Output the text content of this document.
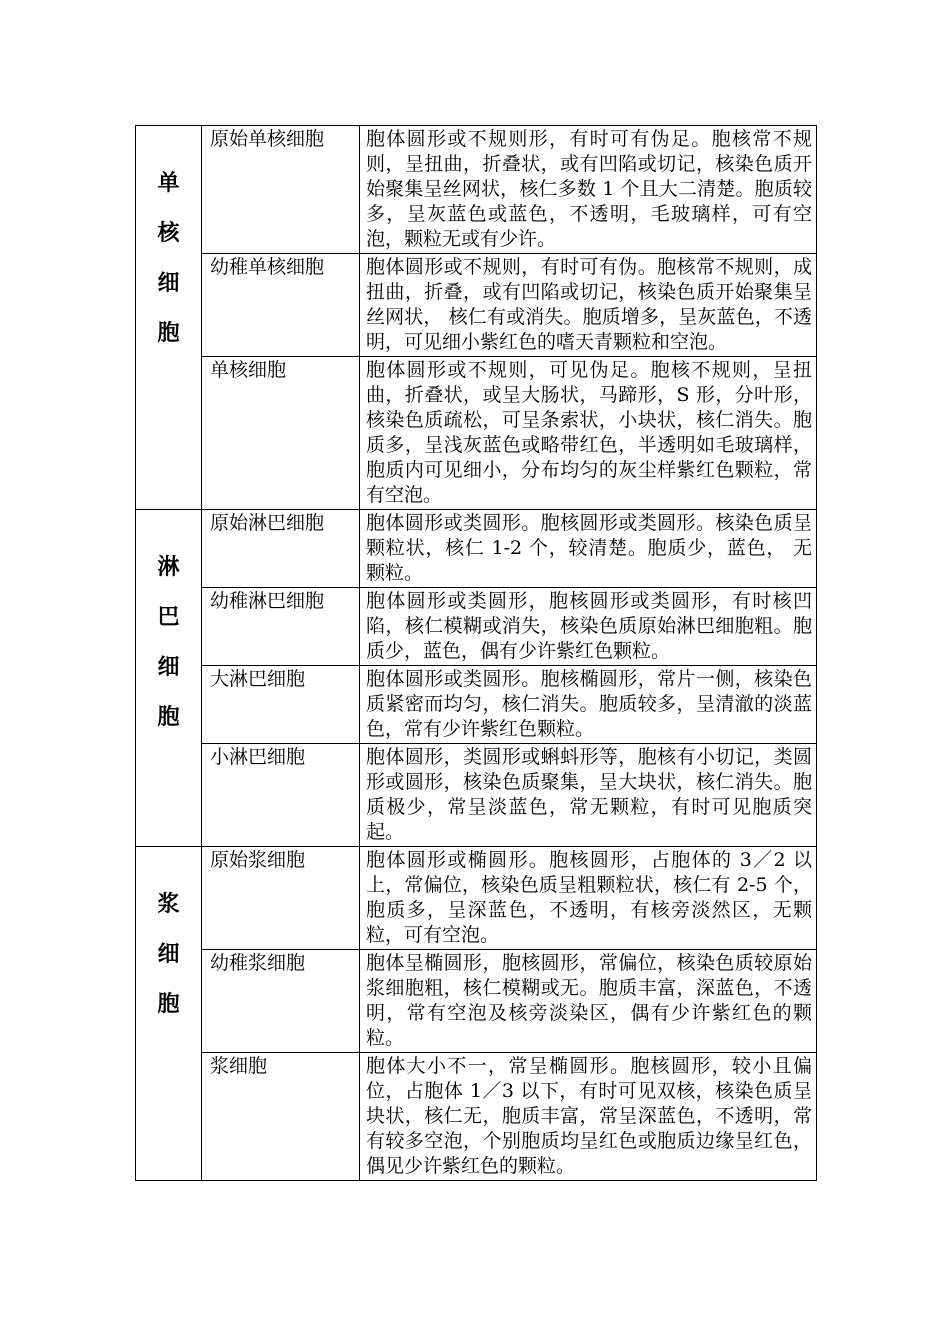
单
核
细
胞	原始单核细胞	胞体圆形或不规则形，有时可有伪足。胞核常不规则，呈扭曲，折叠状，或有凹陷或切记，核染色质开始聚集呈丝网状，核仁多数 1 个且大二清楚。胞质较多，呈灰蓝色或蓝色，不透明，毛玻璃样，可有空泡，颗粒无或有少许。
	幼稚单核细胞	胞体圆形或不规则，有时可有伪。胞核常不规则，成扭曲，折叠，或有凹陷或切记，核染色质开始聚集呈丝网状， 核仁有或消失。胞质增多，呈灰蓝色，不透明，可见细小紫红色的嗜天青颗粒和空泡。
	单核细胞	胞体圆形或不规则，可见伪足。胞核不规则，呈扭曲，折叠状，或呈大肠状，马蹄形，S 形，分叶形，核染色质疏松，可呈条索状，小块状，核仁消失。胞质多，呈浅灰蓝色或略带红色，半透明如毛玻璃样，胞质内可见细小，分布均匀的灰尘样紫红色颗粒，常有空泡。

淋
巴
细
胞	原始淋巴细胞	胞体圆形或类圆形。胞核圆形或类圆形。核染色质呈颗粒状，核仁 1-2 个，较清楚。胞质少，蓝色， 无颗粒。
	幼稚淋巴细胞	胞体圆形或类圆形，胞核圆形或类圆形，有时核凹陷，核仁模糊或消失，核染色质原始淋巴细胞粗。胞质少，蓝色，偶有少许紫红色颗粒。
	大淋巴细胞	胞体圆形或类圆形。胞核椭圆形，常片一侧，核染色质紧密而均匀，核仁消失。胞质较多，呈清澈的淡蓝色，常有少许紫红色颗粒。
	小淋巴细胞	胞体圆形，类圆形或蝌蚪形等，胞核有小切记，类圆形或圆形，核染色质聚集，呈大块状，核仁消失。胞质极少，常呈淡蓝色，常无颗粒，有时可见胞质突起。

浆
细
胞	原始浆细胞	胞体圆形或椭圆形。胞核圆形，占胞体的 3／2 以上，常偏位，核染色质呈粗颗粒状，核仁有 2-5 个，胞质多，呈深蓝色，不透明，有核旁淡然区，无颗粒，可有空泡。
	幼稚浆细胞	胞体呈椭圆形，胞核圆形，常偏位，核染色质较原始浆细胞粗，核仁模糊或无。胞质丰富，深蓝色，不透明，常有空泡及核旁淡染区，偶有少许紫红色的颗粒。
	浆细胞	胞体大小不一，常呈椭圆形。胞核圆形，较小且偏位，占胞体 1／3 以下，有时可见双核，核染色质呈块状，核仁无，胞质丰富，常呈深蓝色，不透明，常有较多空泡，个别胞质均呈红色或胞质边缘呈红色， 偶见少许紫红色的颗粒。
